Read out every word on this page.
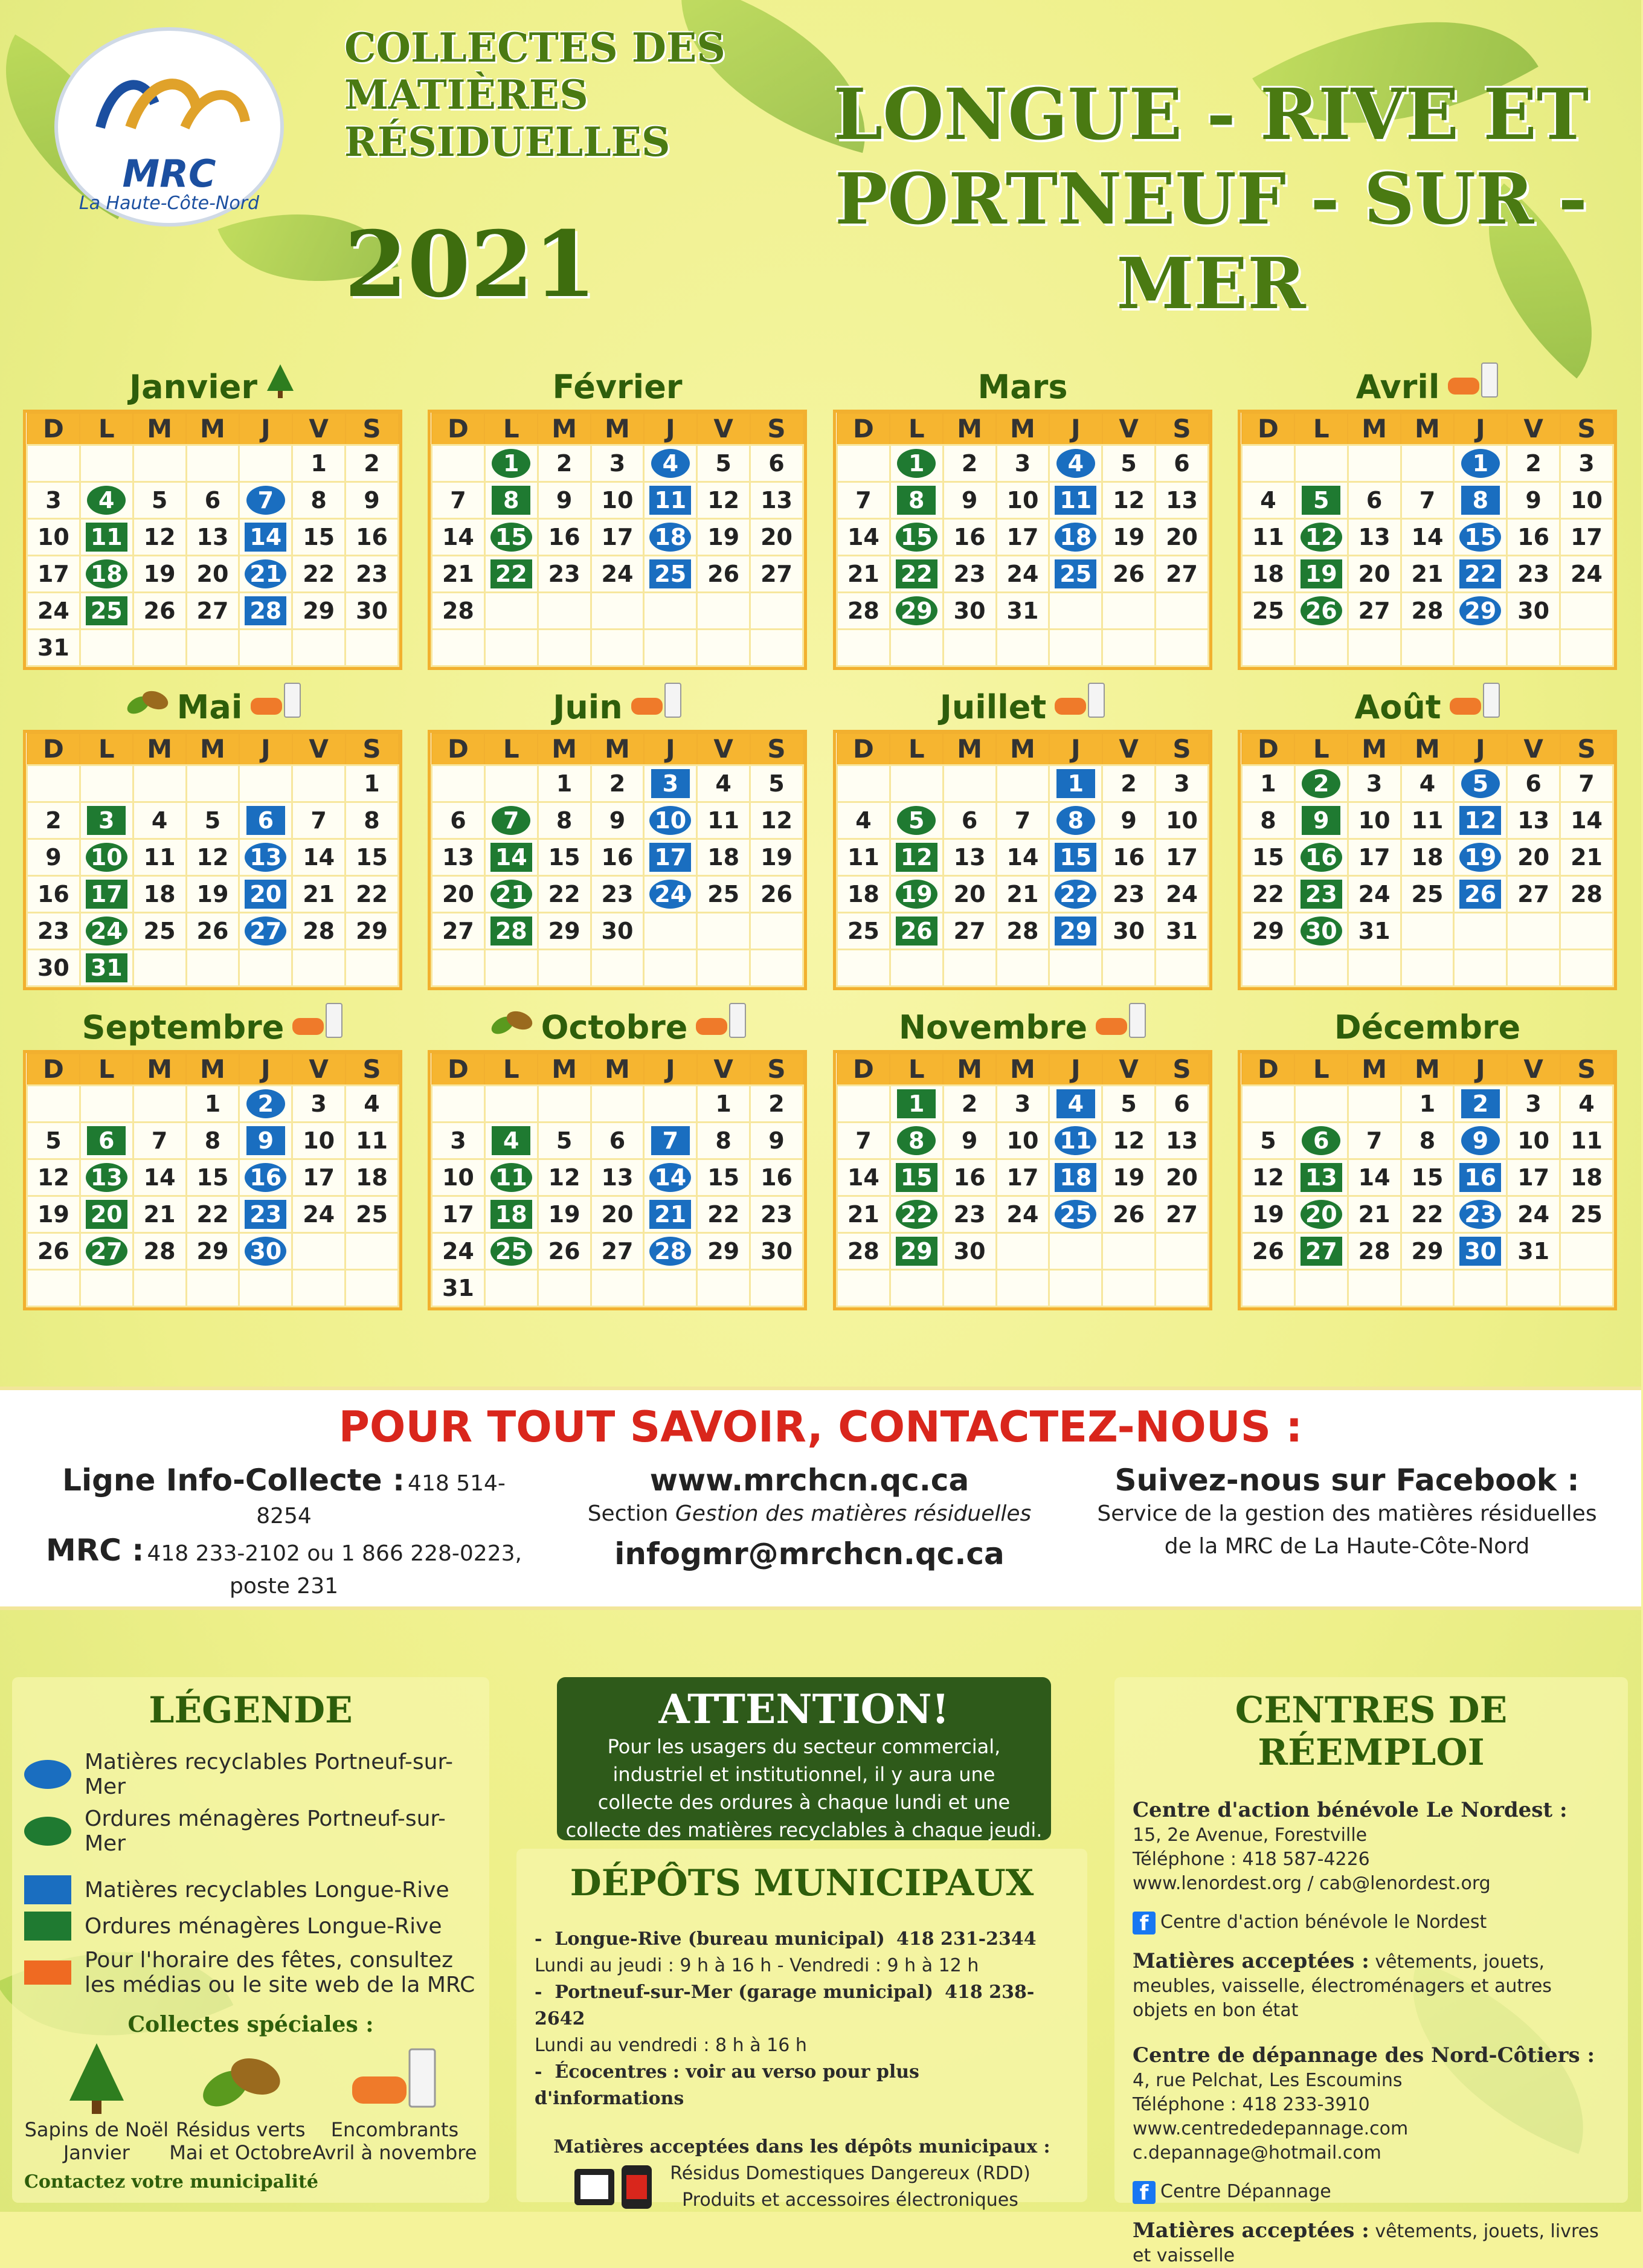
MRC
La Haute-Côte-Nord
COLLECTES DES
MATIÈRES
RÉSIDUELLES
2021
LONGUE - RIVE ET
PORTNEUF - SUR - MER
Janvier
D	L	M	M	J	V	S
					1	2
3	4	5	6	7	8	9
10	11	12	13	14	15	16
17	18	19	20	21	22	23
24	25	26	27	28	29	30
31						
Février
D	L	M	M	J	V	S
	1	2	3	4	5	6
7	8	9	10	11	12	13
14	15	16	17	18	19	20
21	22	23	24	25	26	27
28						

Mars
D	L	M	M	J	V	S
	1	2	3	4	5	6
7	8	9	10	11	12	13
14	15	16	17	18	19	20
21	22	23	24	25	26	27
28	29	30	31			

Avril
D	L	M	M	J	V	S
				1	2	3
4	5	6	7	8	9	10
11	12	13	14	15	16	17
18	19	20	21	22	23	24
25	26	27	28	29	30	

Mai
D	L	M	M	J	V	S
						1
2	3	4	5	6	7	8
9	10	11	12	13	14	15
16	17	18	19	20	21	22
23	24	25	26	27	28	29
30	31					
Juin
D	L	M	M	J	V	S
		1	2	3	4	5
6	7	8	9	10	11	12
13	14	15	16	17	18	19
20	21	22	23	24	25	26
27	28	29	30			

Juillet
D	L	M	M	J	V	S
				1	2	3
4	5	6	7	8	9	10
11	12	13	14	15	16	17
18	19	20	21	22	23	24
25	26	27	28	29	30	31

Août
D	L	M	M	J	V	S
1	2	3	4	5	6	7
8	9	10	11	12	13	14
15	16	17	18	19	20	21
22	23	24	25	26	27	28
29	30	31				

Septembre
D	L	M	M	J	V	S
			1	2	3	4
5	6	7	8	9	10	11
12	13	14	15	16	17	18
19	20	21	22	23	24	25
26	27	28	29	30		

Octobre
D	L	M	M	J	V	S
					1	2
3	4	5	6	7	8	9
10	11	12	13	14	15	16
17	18	19	20	21	22	23
24	25	26	27	28	29	30
31						
Novembre
D	L	M	M	J	V	S
	1	2	3	4	5	6
7	8	9	10	11	12	13
14	15	16	17	18	19	20
21	22	23	24	25	26	27
28	29	30				

Décembre
D	L	M	M	J	V	S
			1	2	3	4
5	6	7	8	9	10	11
12	13	14	15	16	17	18
19	20	21	22	23	24	25
26	27	28	29	30	31	

POUR TOUT SAVOIR, CONTACTEZ-NOUS :
Ligne Info-Collecte : 418 514-8254
MRC : 418 233-2102 ou 1 866 228-0223,
poste 231
www.mrchcn.qc.ca
Section Gestion des matières résiduelles
infogmr@mrchcn.qc.ca
Suivez-nous sur Facebook :
Service de la gestion des matières résiduelles
de la MRC de La Haute-Côte-Nord
LÉGENDE
Matières recyclables Portneuf-sur-Mer
Ordures ménagères Portneuf-sur-Mer
Matières recyclables Longue-Rive
Ordures ménagères Longue-Rive
Pour l'horaire des fêtes, consultez les médias ou le site web de la MRC
Collectes spéciales :
Sapins de Noël
Janvier
Résidus verts
Mai et Octobre
Encombrants
Avril à novembre
Contactez votre municipalité
ATTENTION!

Pour les usagers du secteur commercial,

industriel et institutionnel, il y aura une

collecte des ordures à chaque lundi et une

collecte des matières recyclables à chaque jeudi.

DÉPÔTS MUNICIPAUX
-  Longue-Rive (bureau municipal) 418 231-2344
Lundi au jeudi : 9 h à 16 h - Vendredi : 9 h à 12 h
-  Portneuf-sur-Mer (garage municipal) 418 238-2642
Lundi au vendredi : 8 h à 16 h
-  Écocentres : voir au verso pour plus d'informations
Matières acceptées dans les dépôts municipaux :
Résidus Domestiques Dangereux (RDD)
Produits et accessoires électroniques
CENTRES DE RÉEMPLOI
Centre d'action bénévole Le Nordest :
15, 2e Avenue, Forestville
Téléphone : 418 587-4226
www.lenordest.org / cab@lenordest.org
f Centre d'action bénévole le Nordest
Matières acceptées : vêtements, jouets, meubles, vaisselle, électroménagers et autres objets en bon état
Centre de dépannage des Nord-Côtiers :
4, rue Pelchat, Les Escoumins
Téléphone : 418 233-3910
www.centrededepannage.com
c.depannage@hotmail.com
f Centre Dépannage
Matières acceptées : vêtements, jouets, livres et vaisselle
